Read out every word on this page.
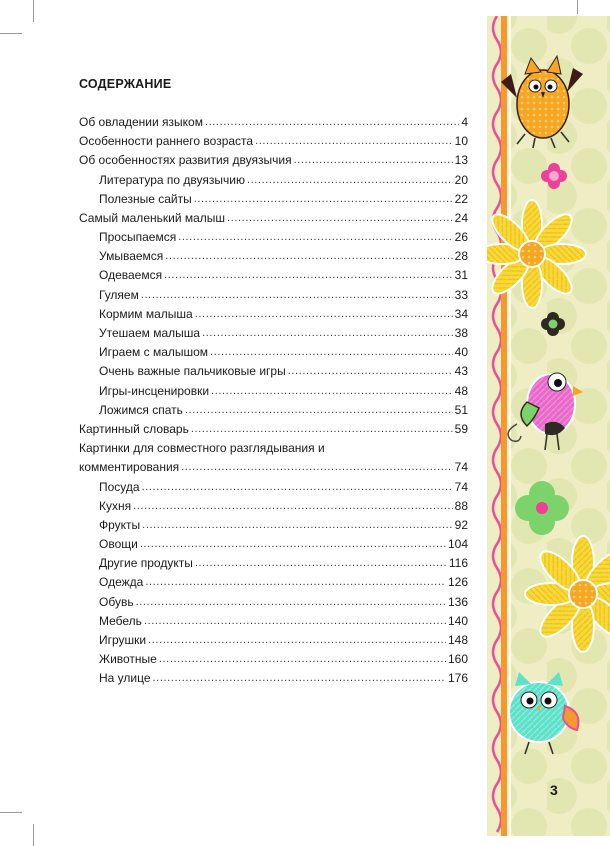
СОДЕРЖАНИЕ
Об овладении языком .....	4
Особенности раннего возраста .....	10
Об особенностях развития двуязычия .....	13
Литература по двуязычию .....	20
Полезные сайты .....	22
Самый маленький малыш .....	24
Просыпаемся .....	26
Умываемся .....	28
Одеваемся .....	31
Гуляем .....	33
Кормим малыша .....	34
Утешаем малыша .....	38
Играем с малышом .....	40
Очень важные пальчиковые игры .....	43
Игры-инсценировки .....	48
Ложимся спать .....	51
Картинный словарь .....	59
Картинки для совместного разглядывания и
комментирования .....	74
Посуда .....	74
Кухня .....	88
Фрукты .....	92
Овощи .....	104
Другие продукты .....	116
Одежда .....	126
Обувь .....	136
Мебель .....	140
Игрушки .....	148
Животные .....	160
На улице .....	176
3
